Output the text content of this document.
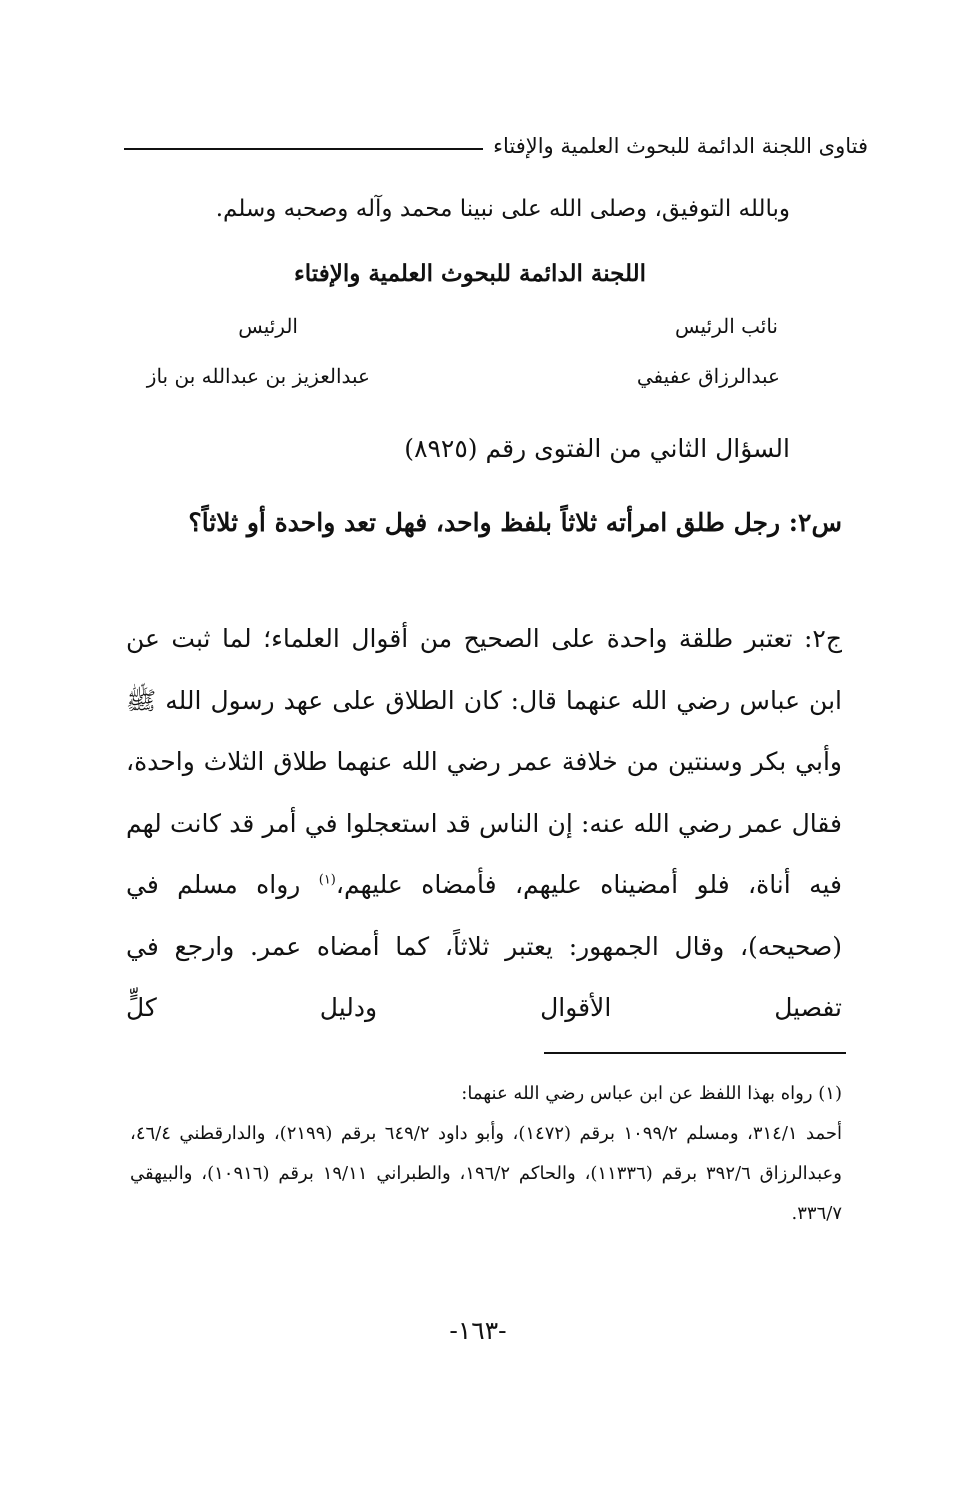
فتاوى اللجنة الدائمة للبحوث العلمية والإفتاء
وبالله التوفيق، وصلى الله على نبينا محمد وآله وصحبه وسلم.
اللجنة الدائمة للبحوث العلمية والإفتاء
نائب الرئيس
عبدالرزاق عفيفي
الرئيس
عبدالعزيز بن عبدالله بن باز
السؤال الثاني من الفتوى رقم (٨٩٢٥)
س٢: رجل طلق امرأته ثلاثاً بلفظ واحد، فهل تعد واحدة أو ثلاثاً؟
ج٢: تعتبر طلقة واحدة على الصحيح من أقوال العلماء؛ لما ثبت عن ابن عباس رضي الله عنهما قال: كان الطلاق على عهد رسول الله ﷺ وأبي بكر وسنتين من خلافة عمر رضي الله عنهما طلاق الثلاث واحدة، فقال عمر رضي الله عنه: إن الناس قد استعجلوا في أمر قد كانت لهم فيه أناة، فلو أمضيناه عليهم، فأمضاه عليهم،$^{(١)}$ رواه مسلم في (صحيحه)، وقال الجمهور: يعتبر ثلاثاً، كما أمضاه عمر. وارجع في تفصيل الأقوال ودليل كلٍّ
(١) رواه بهذا اللفظ عن ابن عباس رضي الله عنهما:
أحمد ٣١٤/١، ومسلم ١٠٩٩/٢ برقم (١٤٧٢)، وأبو داود ٦٤٩/٢ برقم (٢١٩٩)، والدارقطني ٤٦/٤، وعبدالرزاق ٣٩٢/٦ برقم (١١٣٣٦)، والحاكم ١٩٦/٢، والطبراني ١٩/١١ برقم (١٠٩١٦)، والبيهقي ٣٣٦/٧.
-١٦٣-
